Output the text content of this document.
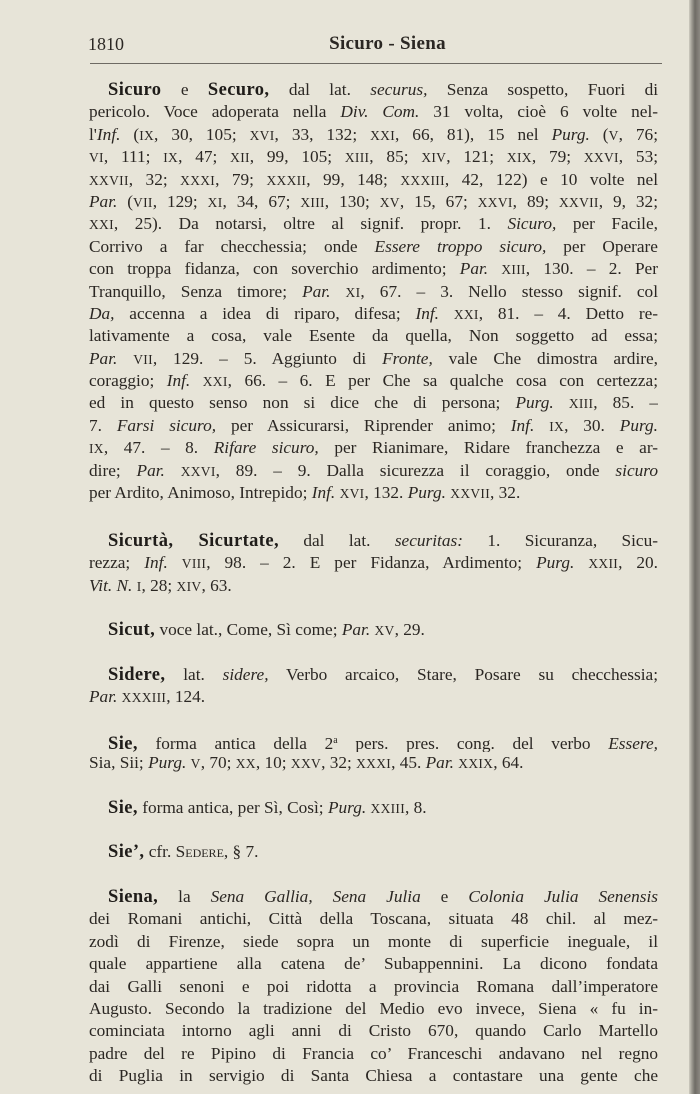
1810	Sicuro - Siena
Sicuro e Securo, dal lat. securus, Senza sospetto, Fuori di
pericolo. Voce adoperata nella Div. Com. 31 volta, cioè 6 volte nel-
l'Inf. (IX, 30, 105; XVI, 33, 132; XXI, 66, 81), 15 nel Purg. (V, 76;
VI, 111; IX, 47; XII, 99, 105; XIII, 85; XIV, 121; XIX, 79; XXVI, 53;
XXVII, 32; XXXI, 79; XXXII, 99, 148; XXXIII, 42, 122) e 10 volte nel
Par. (VII, 129; XI, 34, 67; XIII, 130; XV, 15, 67; XXVI, 89; XXVII, 9, 32;
XXI, 25). Da notarsi, oltre al signif. propr. 1. Sicuro, per Facile,
Corrivo a far checchessia; onde Essere troppo sicuro, per Operare
con troppa fidanza, con soverchio ardimento; Par. XIII, 130. – 2. Per
Tranquillo, Senza timore; Par. XI, 67. – 3. Nello stesso signif. col
Da, accenna a idea di riparo, difesa; Inf. XXI, 81. – 4. Detto re-
lativamente a cosa, vale Esente da quella, Non soggetto ad essa;
Par. VII, 129. – 5. Aggiunto di Fronte, vale Che dimostra ardire,
coraggio; Inf. XXI, 66. – 6. E per Che sa qualche cosa con certezza;
ed in questo senso non si dice che di persona; Purg. XIII, 85. –
7. Farsi sicuro, per Assicurarsi, Riprender animo; Inf. IX, 30. Purg.
IX, 47. – 8. Rifare sicuro, per Rianimare, Ridare franchezza e ar-
dire; Par. XXVI, 89. – 9. Dalla sicurezza il coraggio, onde sicuro
per Ardito, Animoso, Intrepido; Inf. XVI, 132. Purg. XXVII, 32.
Sicurtà, Sicurtate, dal lat. securitas: 1. Sicuranza, Sicu-
rezza; Inf. VIII, 98. – 2. E per Fidanza, Ardimento; Purg. XXII, 20.
Vit. N. I, 28; XIV, 63.
Sicut, voce lat., Come, Sì come; Par. XV, 29.
Sidere, lat. sidere, Verbo arcaico, Stare, Posare su checchessia;
Par. XXXIII, 124.
Sie, forma antica della 2$^a$ pers. pres. cong. del verbo Essere,
Sia, Sii; Purg. V, 70; XX, 10; XXV, 32; XXXI, 45. Par. XXIX, 64.
Sie, forma antica, per Sì, Così; Purg. XXIII, 8.
Sie’, cfr. Sedere, § 7.
Siena, la Sena Gallia, Sena Julia e Colonia Julia Senensis
dei Romani antichi, Città della Toscana, situata 48 chil. al mez-
zodì di Firenze, siede sopra un monte di superficie ineguale, il
quale appartiene alla catena de’ Subappennini. La dicono fondata
dai Galli senoni e poi ridotta a provincia Romana dall’imperatore
Augusto. Secondo la tradizione del Medio evo invece, Siena « fu in-
cominciata intorno agli anni di Cristo 670, quando Carlo Martello
padre del re Pipino di Francia co’ Franceschi andavano nel regno
di Puglia in servigio di Santa Chiesa a contastare una gente che
